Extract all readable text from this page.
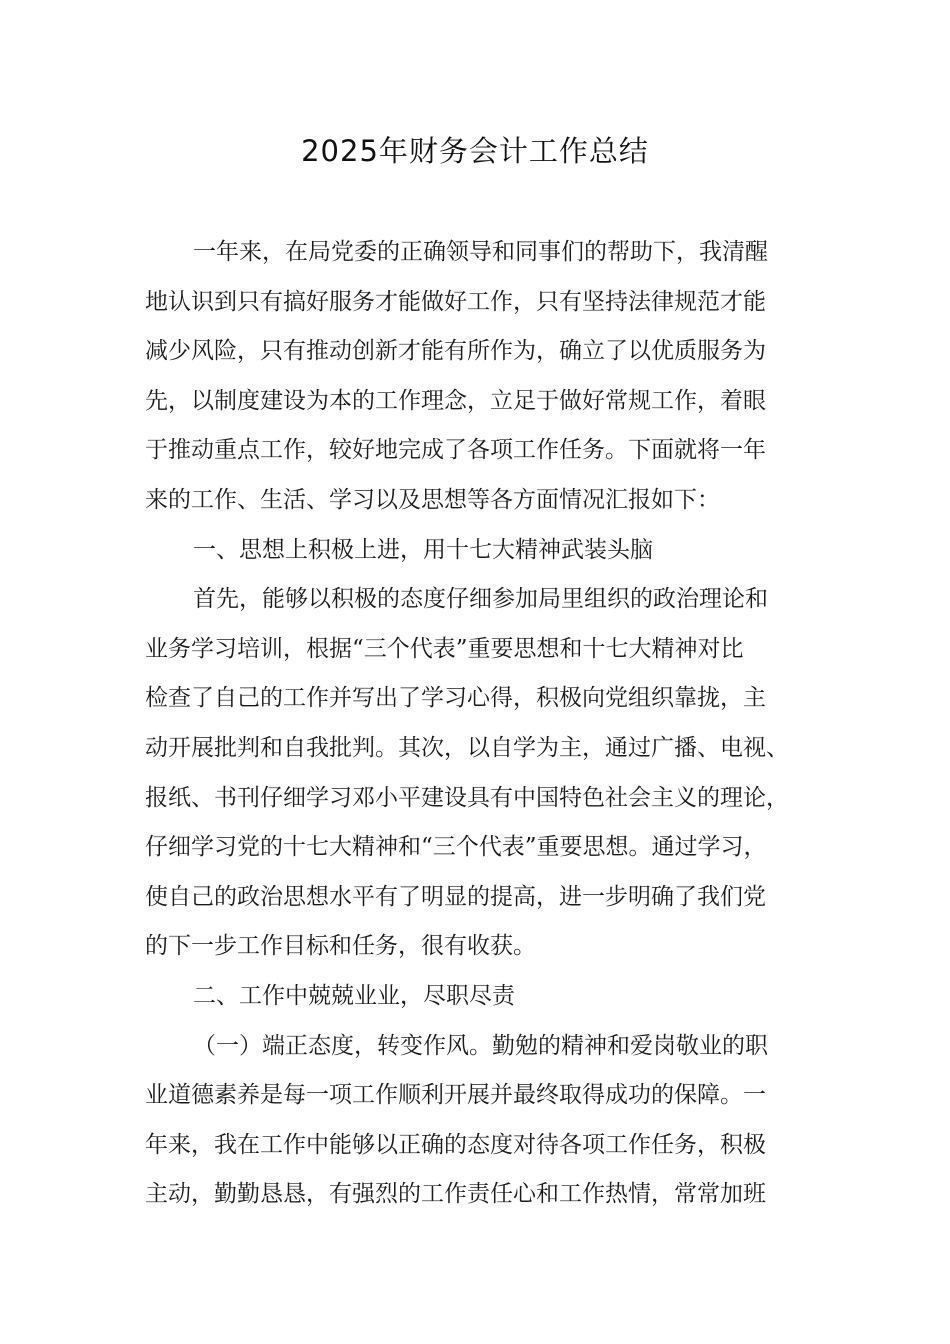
2025年财务会计工作总结
一年来，在局党委的正确领导和同事们的帮助下，我清醒
地认识到只有搞好服务才能做好工作，只有坚持法律规范才能
减少风险，只有推动创新才能有所作为，确立了以优质服务为
先，以制度建设为本的工作理念，立足于做好常规工作，着眼
于推动重点工作，较好地完成了各项工作任务。下面就将一年
来的工作、生活、学习以及思想等各方面情况汇报如下：
一、思想上积极上进，用十七大精神武装头脑
首先，能够以积极的态度仔细参加局里组织的政治理论和
业务学习培训，根据“三个代表”重要思想和十七大精神对比
检查了自己的工作并写出了学习心得，积极向党组织靠拢，主
动开展批判和自我批判。其次，以自学为主，通过广播、电视、
报纸、书刊仔细学习邓小平建设具有中国特色社会主义的理论，
仔细学习党的十七大精神和“三个代表”重要思想。通过学习，
使自己的政治思想水平有了明显的提高，进一步明确了我们党
的下一步工作目标和任务，很有收获。
二、工作中兢兢业业，尽职尽责
（一）端正态度，转变作风。勤勉的精神和爱岗敬业的职
业道德素养是每一项工作顺利开展并最终取得成功的保障。一
年来，我在工作中能够以正确的态度对待各项工作任务，积极
主动，勤勤恳恳，有强烈的工作责任心和工作热情，常常加班
